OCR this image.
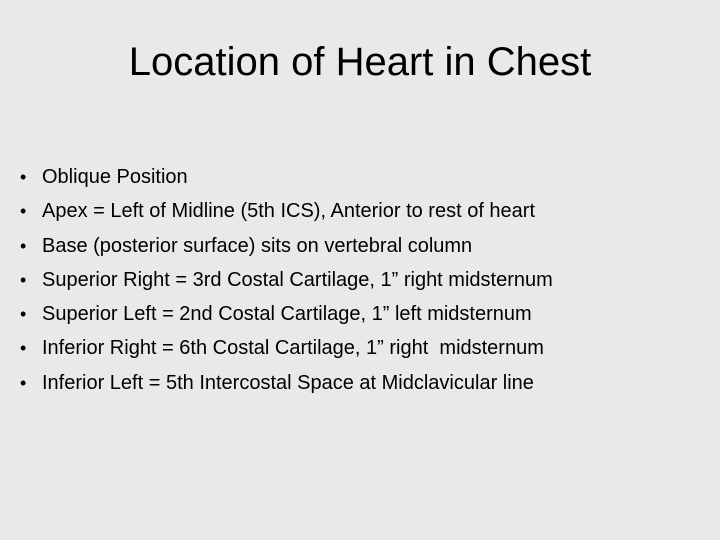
Location of Heart in Chest
• Oblique Position
• Apex = Left of Midline (5th ICS), Anterior to rest of heart
• Base (posterior surface) sits on vertebral column
• Superior Right = 3rd Costal Cartilage, 1” right midsternum
• Superior Left = 2nd Costal Cartilage, 1” left midsternum
• Inferior Right = 6th Costal Cartilage, 1” right  midsternum
• Inferior Left = 5th Intercostal Space at Midclavicular line
